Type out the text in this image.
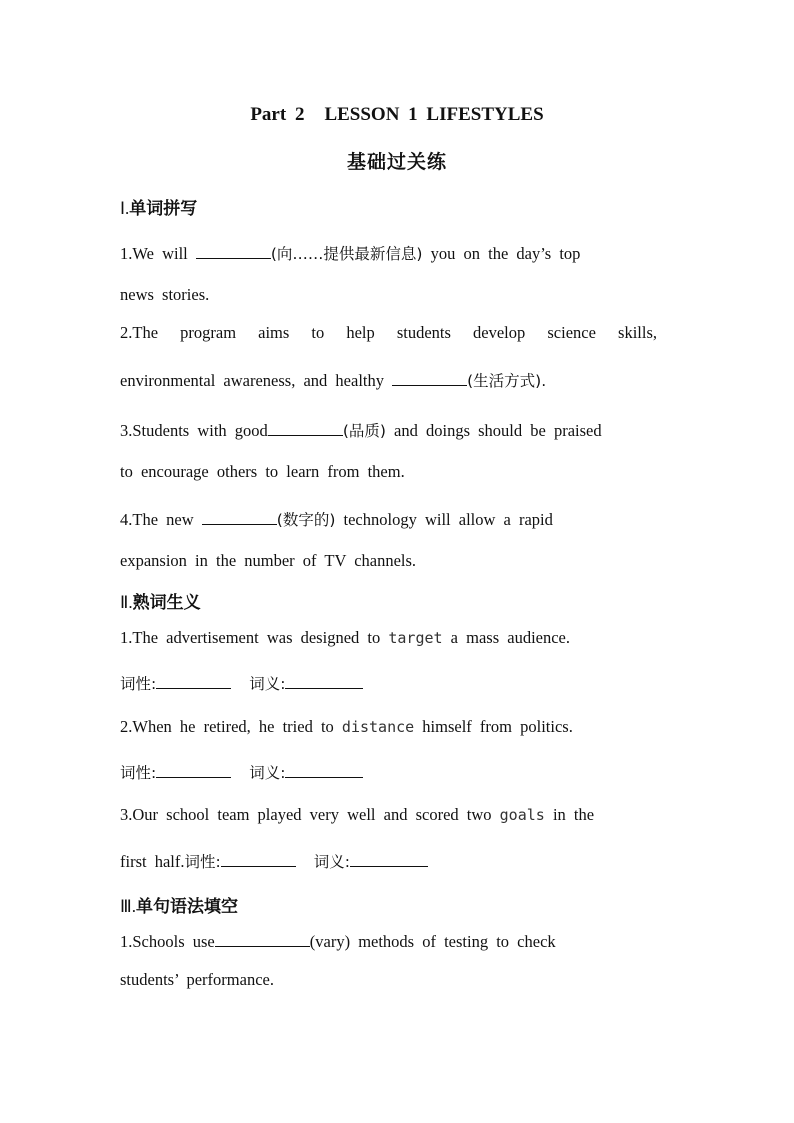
Part 2 LESSON 1 LIFESTYLES
基础过关练
Ⅰ.单词拼写
1.We will	(向……提供最新信息) you on the day’s top
news stories.
2.The program aims to help students develop science skills,
environmental awareness, and healthy	(生活方式).
3.Students with good	(品质) and doings should be praised
to encourage others to learn from them.
4.The new	(数字的) technology will allow a rapid
expansion in the number of TV channels.
Ⅱ.熟词生义
1.The advertisement was designed to target a mass audience.
词性:	词义:
2.When he retired, he tried to distance himself from politics.
词性:	词义:
3.Our school team played very well and scored two goals in the
first half.词性:	词义:
Ⅲ.单句语法填空
1.Schools use	(vary) methods of testing to check
students’ performance.
